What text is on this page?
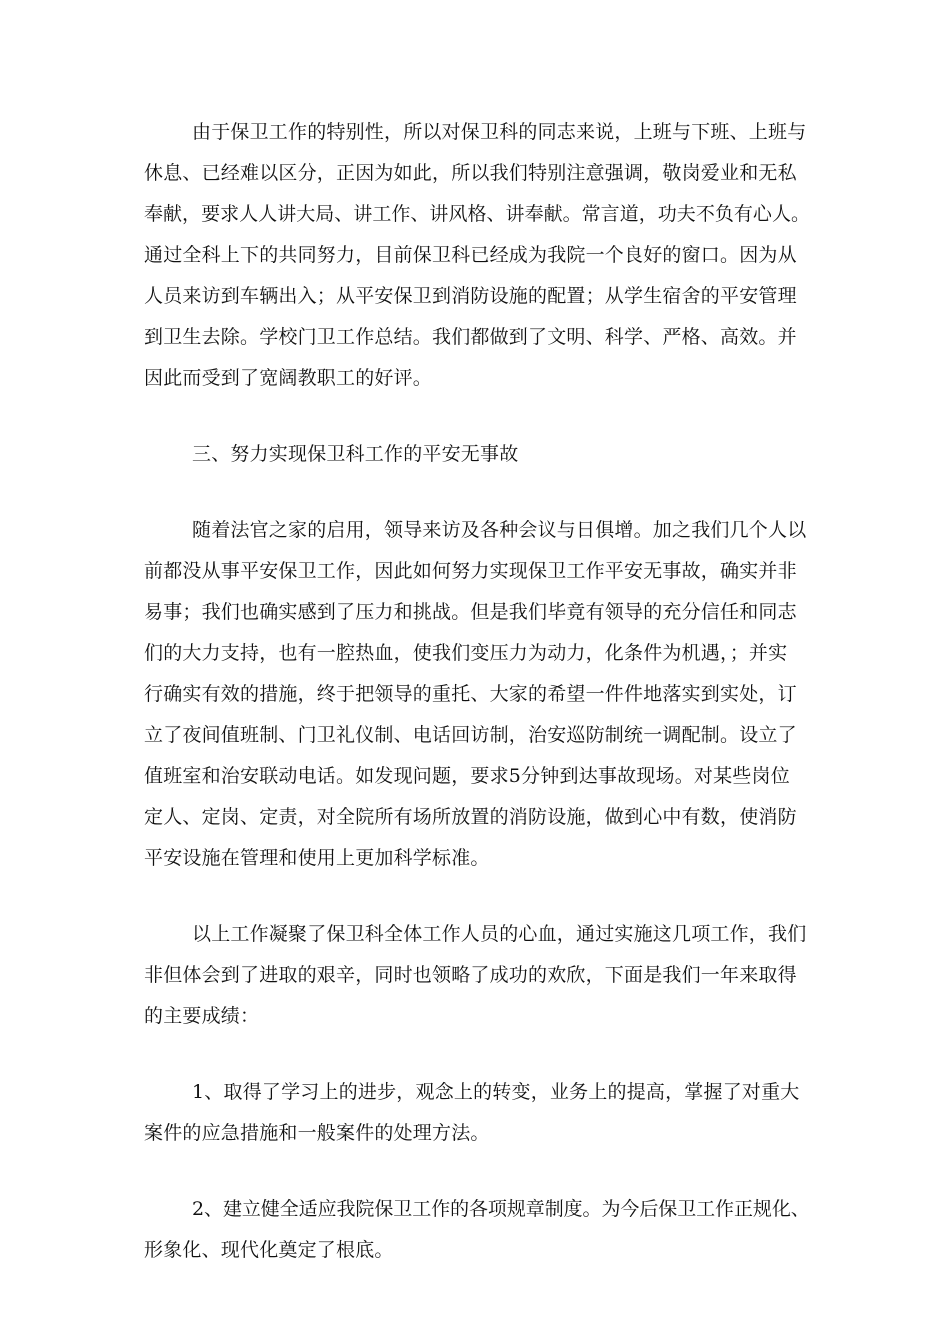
由于保卫工作的特别性，所以对保卫科的同志来说，上班与下班、上班与
休息、已经难以区分，正因为如此，所以我们特别注意强调，敬岗爱业和无私
奉献，要求人人讲大局、讲工作、讲风格、讲奉献。常言道，功夫不负有心人。
通过全科上下的共同努力，目前保卫科已经成为我院一个良好的窗口。因为从
人员来访到车辆出入；从平安保卫到消防设施的配置；从学生宿舍的平安管理
到卫生去除。学校门卫工作总结。我们都做到了文明、科学、严格、高效。并
因此而受到了宽阔教职工的好评。
三、努力实现保卫科工作的平安无事故
随着法官之家的启用，领导来访及各种会议与日俱增。加之我们几个人以
前都没从事平安保卫工作，因此如何努力实现保卫工作平安无事故，确实并非
易事；我们也确实感到了压力和挑战。但是我们毕竟有领导的充分信任和同志
们的大力支持，也有一腔热血，使我们变压力为动力，化条件为机遇，；并实
行确实有效的措施，终于把领导的重托、大家的希望一件件地落实到实处，订
立了夜间值班制、门卫礼仪制、电话回访制，治安巡防制统一调配制。设立了
值班室和治安联动电话。如发现问题，要求5分钟到达事故现场。对某些岗位
定人、定岗、定责，对全院所有场所放置的消防设施，做到心中有数，使消防
平安设施在管理和使用上更加科学标准。
以上工作凝聚了保卫科全体工作人员的心血，通过实施这几项工作，我们
非但体会到了进取的艰辛，同时也领略了成功的欢欣，下面是我们一年来取得
的主要成绩：
1、取得了学习上的进步，观念上的转变，业务上的提高，掌握了对重大
案件的应急措施和一般案件的处理方法。
2、建立健全适应我院保卫工作的各项规章制度。为今后保卫工作正规化、
形象化、现代化奠定了根底。
